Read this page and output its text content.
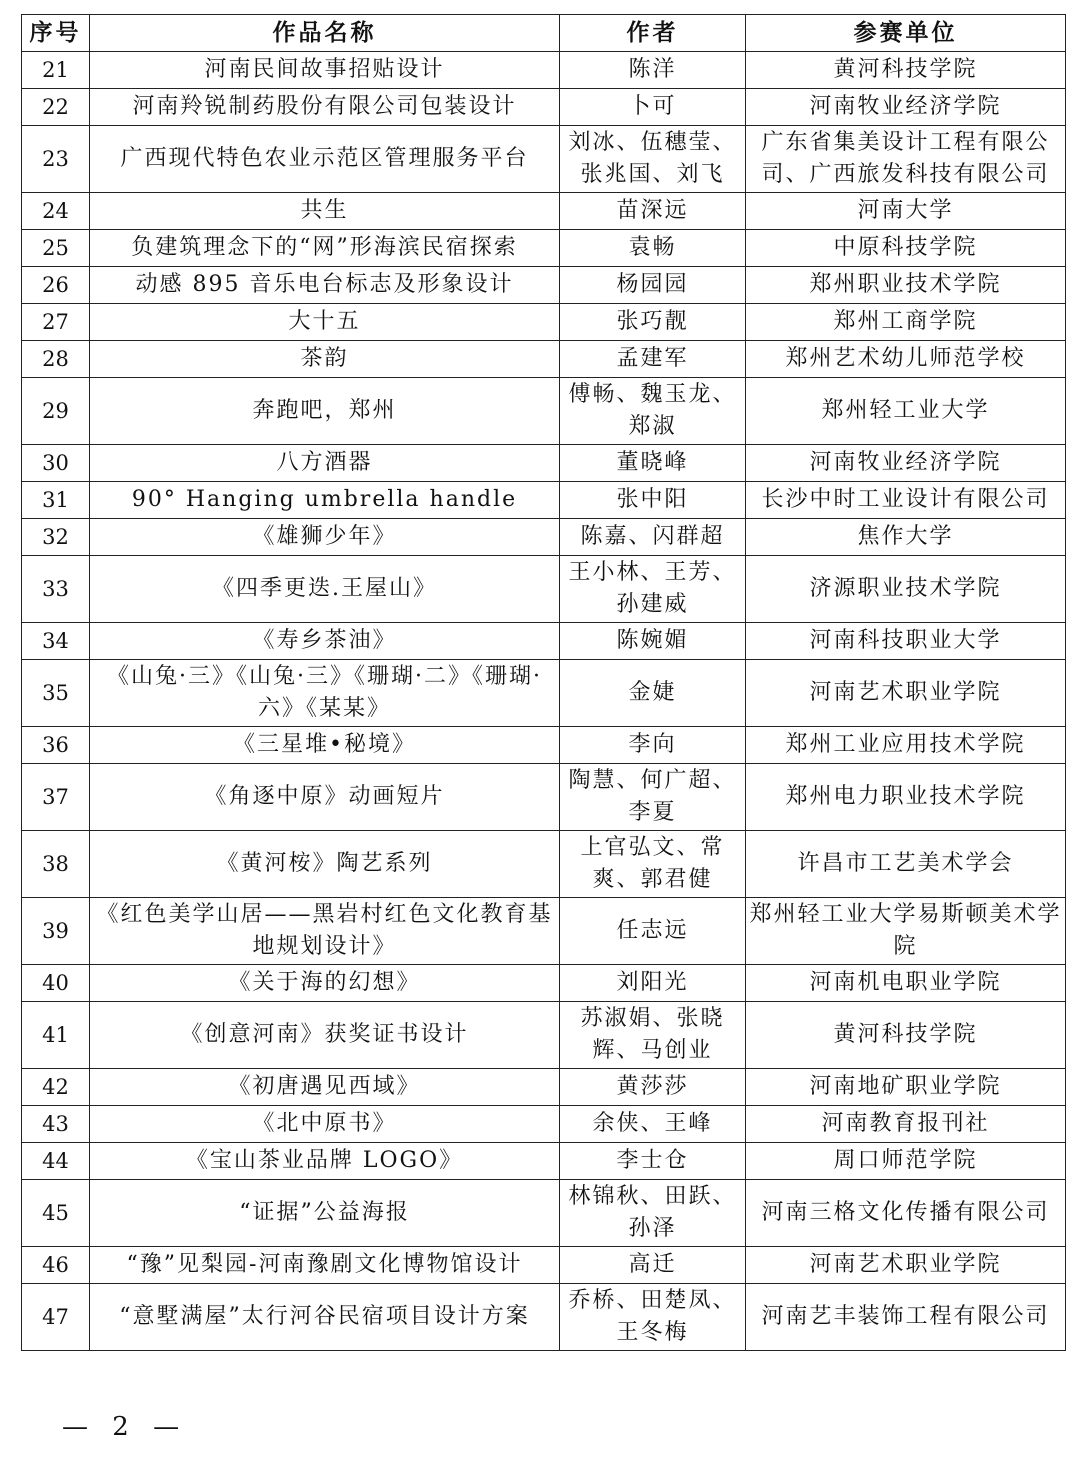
序号	作品名称	作者	参赛单位
21	河南民间故事招贴设计	陈洋	黄河科技学院
22	河南羚锐制药股份有限公司包装设计	卜可	河南牧业经济学院
23	广西现代特色农业示范区管理服务平台	刘冰、伍穗莹、张兆国、刘飞	广东省集美设计工程有限公司、广西旅发科技有限公司
24	共生	苗深远	河南大学
25	负建筑理念下的“网”形海滨民宿探索	袁畅	中原科技学院
26	动感 895 音乐电台标志及形象设计	杨园园	郑州职业技术学院
27	大十五	张巧靓	郑州工商学院
28	茶韵	孟建军	郑州艺术幼儿师范学校
29	奔跑吧，郑州	傅畅、魏玉龙、郑淑	郑州轻工业大学
30	八方酒器	董晓峰	河南牧业经济学院
31	90° Hanging umbrella handle	张中阳	长沙中时工业设计有限公司
32	《雄狮少年》	陈嘉、闪群超	焦作大学
33	《四季更迭.王屋山》	王小林、王芳、孙建威	济源职业技术学院
34	《寿乡茶油》	陈婉媚	河南科技职业大学
35	《山兔·三》《山兔·三》《珊瑚·二》《珊瑚·六》《某某》	金婕	河南艺术职业学院
36	《三星堆•秘境》	李向	郑州工业应用技术学院
37	《角逐中原》动画短片	陶慧、何广超、李夏	郑州电力职业技术学院
38	《黄河桉》陶艺系列	上官弘文、常爽、郭君健	许昌市工艺美术学会
39	《红色美学山居——黑岩村红色文化教育基地规划设计》	任志远	郑州轻工业大学易斯顿美术学院
40	《关于海的幻想》	刘阳光	河南机电职业学院
41	《创意河南》获奖证书设计	苏淑娟、张晓辉、马创业	黄河科技学院
42	《初唐遇见西域》	黄莎莎	河南地矿职业学院
43	《北中原书》	余侠、王峰	河南教育报刊社
44	《宝山茶业品牌 LOGO》	李士仓	周口师范学院
45	“证据”公益海报	林锦秋、田跃、孙泽	河南三格文化传播有限公司
46	“豫”见梨园-河南豫剧文化博物馆设计	高迁	河南艺术职业学院
47	“意墅满屋”太行河谷民宿项目设计方案	乔桥、田楚凤、王冬梅	河南艺丰装饰工程有限公司
— 2 —
